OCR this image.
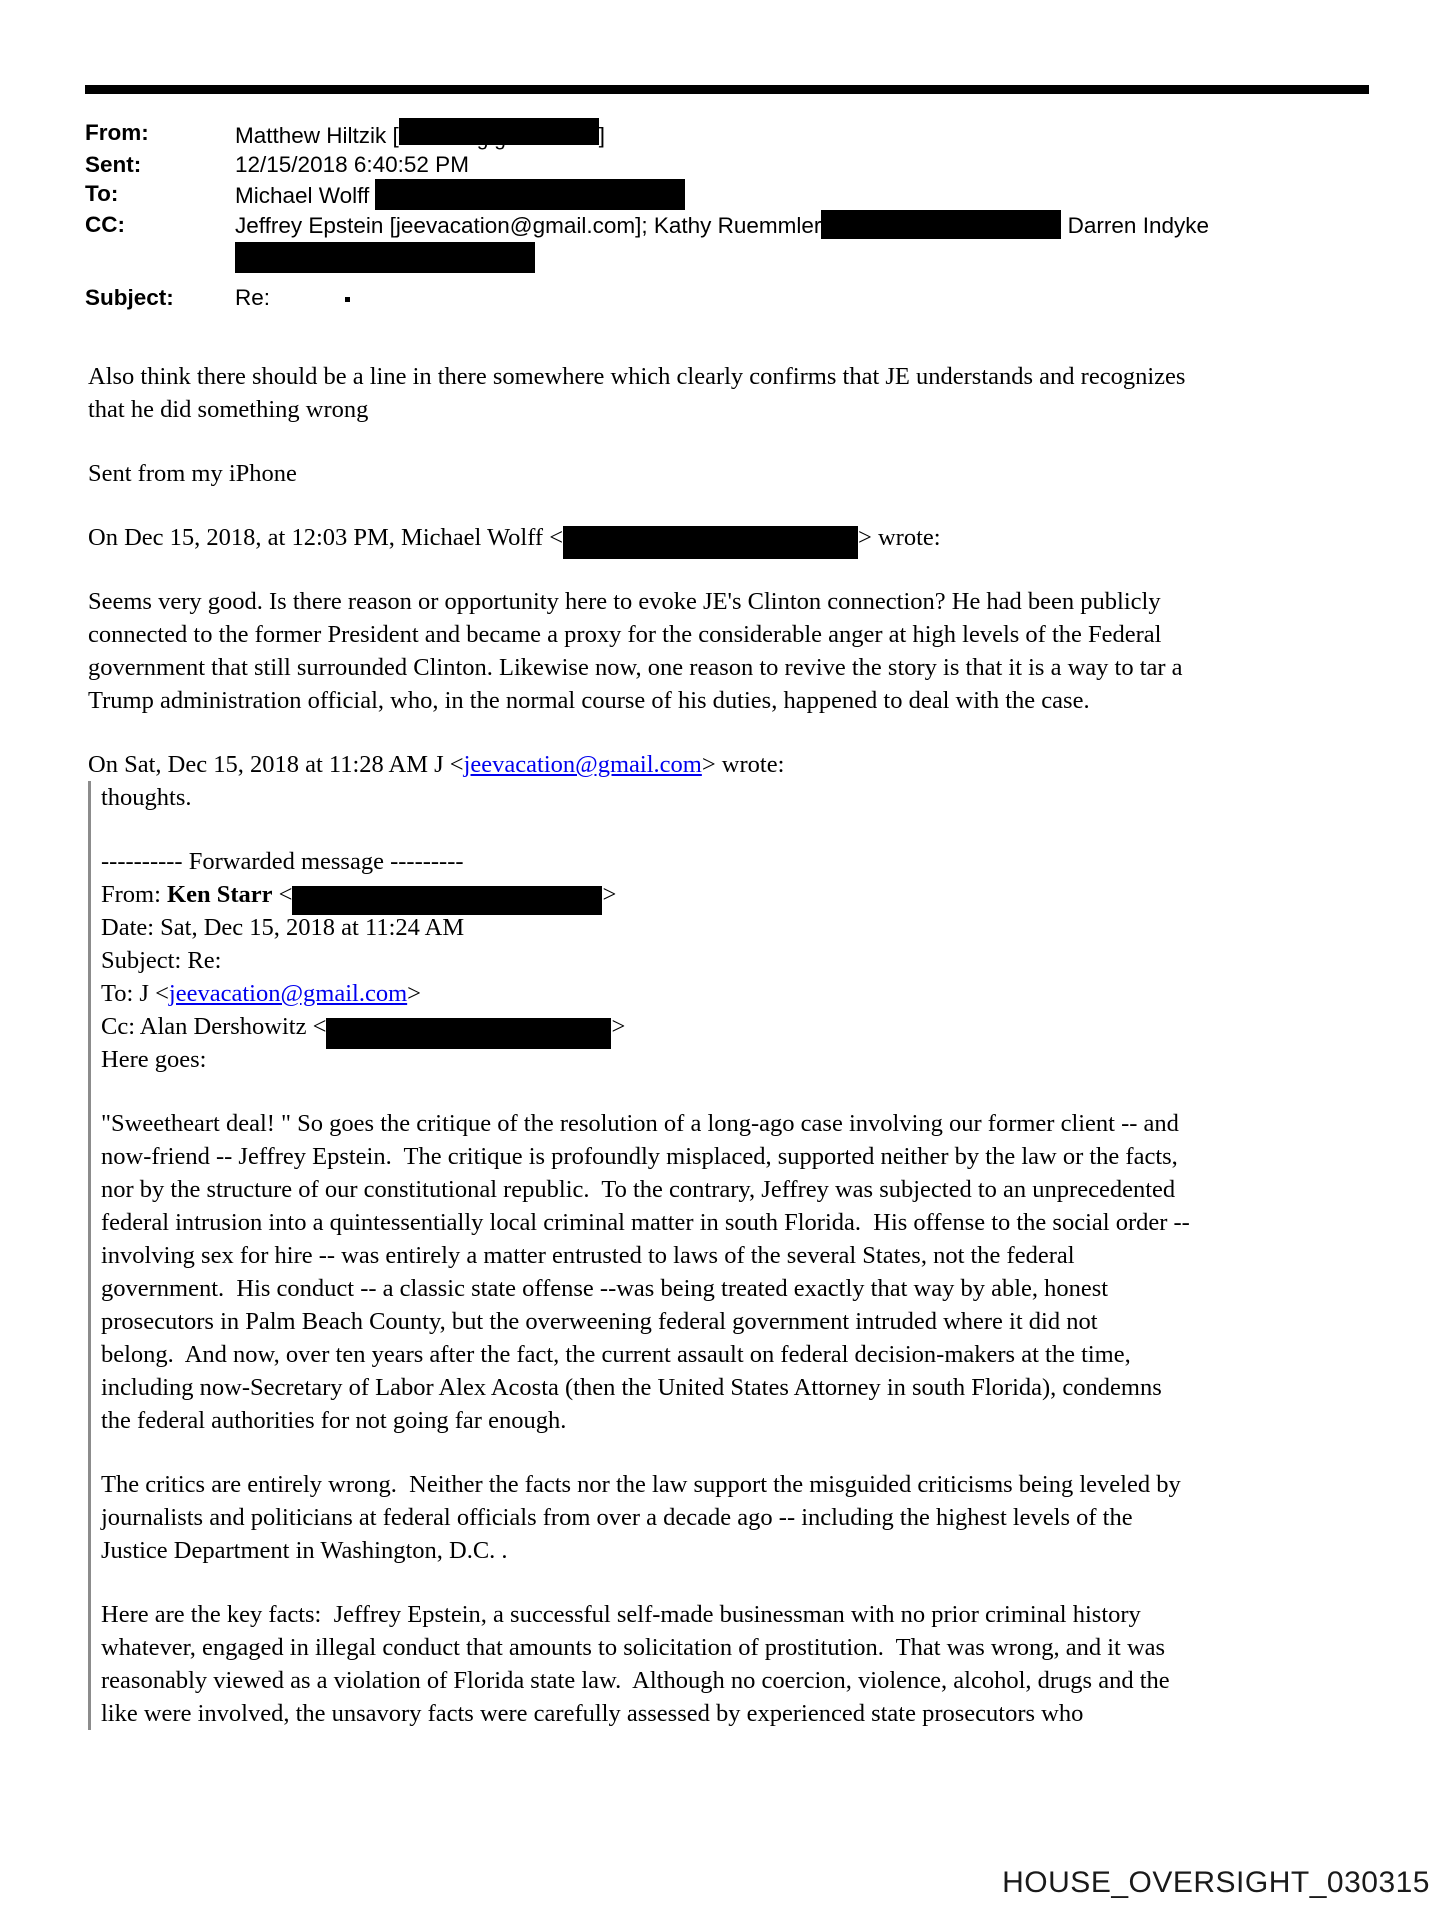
From:	Matthew Hiltzik [	g g	]
Sent:	12/15/2018 6:40:52 PM
To:	Michael Wolff
CC:	Jeffrey Epstein [jeevacation@gmail.com]; Kathy Ruemmler	Darren Indyke
Subject:	Re:

Also think there should be a line in there somewhere which clearly confirms that JE understands and recognizes
that he did something wrong

Sent from my iPhone

On Dec 15, 2018, at 12:03 PM, Michael Wolff <	> wrote:

Seems very good. Is there reason or opportunity here to evoke JE's Clinton connection? He had been publicly
connected to the former President and became a proxy for the considerable anger at high levels of the Federal
government that still surrounded Clinton. Likewise now, one reason to revive the story is that it is a way to tar a
Trump administration official, who, in the normal course of his duties, happened to deal with the case.

On Sat, Dec 15, 2018 at 11:28 AM J <jeevacation@gmail.com> wrote:

thoughts.

---------- Forwarded message ---------
From: Ken Starr <	>
Date: Sat, Dec 15, 2018 at 11:24 AM
Subject: Re:
To: J <jeevacation@gmail.com>
Cc: Alan Dershowitz <	>

Here goes:

"Sweetheart deal! " So goes the critique of the resolution of a long-ago case involving our former client -- and
now-friend -- Jeffrey Epstein.  The critique is profoundly misplaced, supported neither by the law or the facts,
nor by the structure of our constitutional republic.  To the contrary, Jeffrey was subjected to an unprecedented
federal intrusion into a quintessentially local criminal matter in south Florida.  His offense to the social order --
involving sex for hire -- was entirely a matter entrusted to laws of the several States, not the federal
government.  His conduct -- a classic state offense --was being treated exactly that way by able, honest
prosecutors in Palm Beach County, but the overweening federal government intruded where it did not
belong.  And now, over ten years after the fact, the current assault on federal decision-makers at the time,
including now-Secretary of Labor Alex Acosta (then the United States Attorney in south Florida), condemns
the federal authorities for not going far enough.

The critics are entirely wrong.  Neither the facts nor the law support the misguided criticisms being leveled by
journalists and politicians at federal officials from over a decade ago -- including the highest levels of the
Justice Department in Washington, D.C. .

Here are the key facts:  Jeffrey Epstein, a successful self-made businessman with no prior criminal history
whatever, engaged in illegal conduct that amounts to solicitation of prostitution.  That was wrong, and it was
reasonably viewed as a violation of Florida state law.  Although no coercion, violence, alcohol, drugs and the
like were involved, the unsavory facts were carefully assessed by experienced state prosecutors who

HOUSE_OVERSIGHT_030315
